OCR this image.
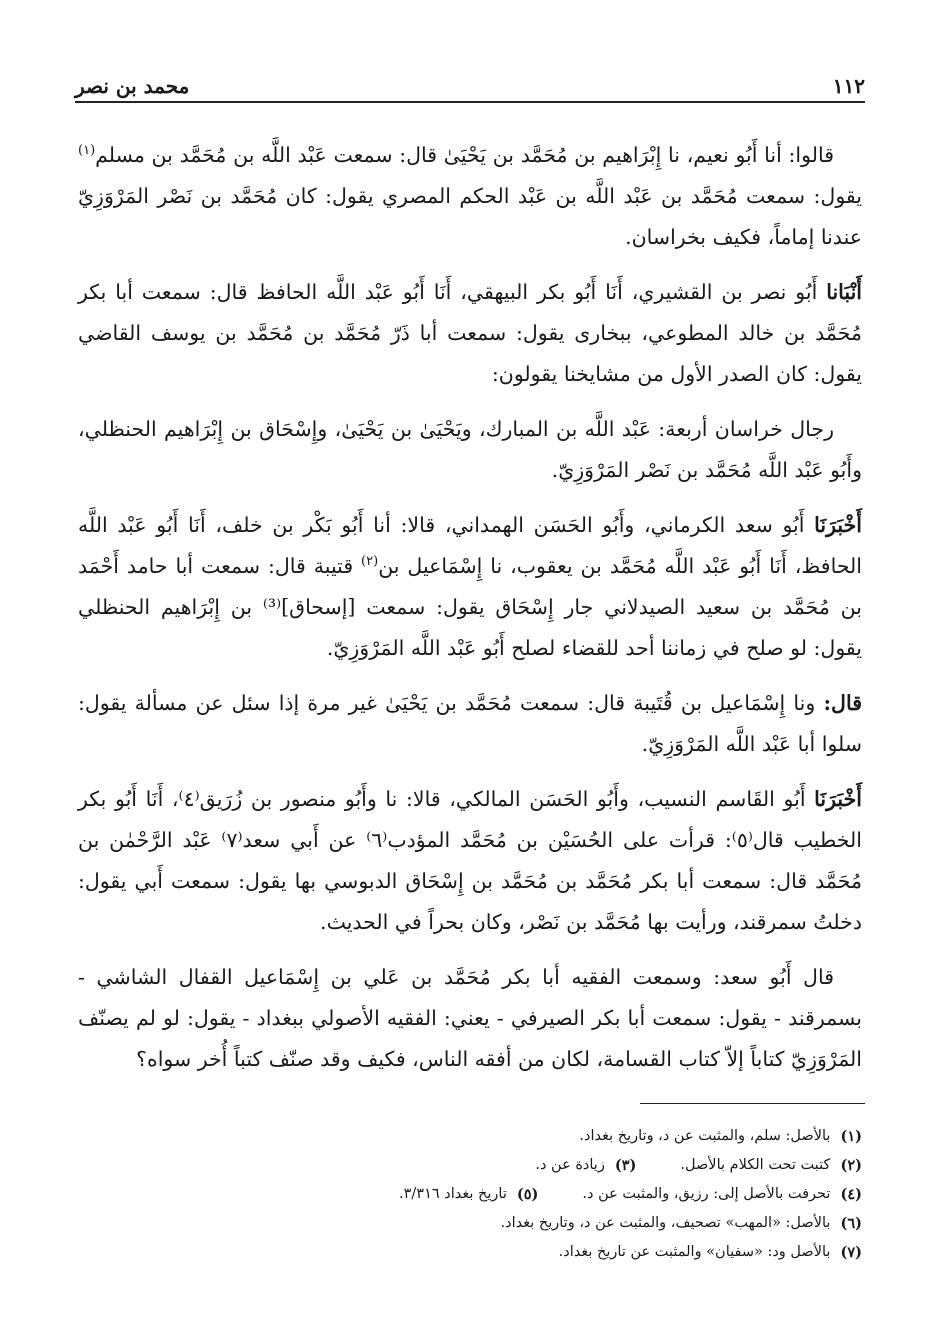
١١٢
محمد بن نصر

قالوا: أنا أَبُو نعيم، نا إِبْرَاهيم بن مُحَمَّد بن يَحْيَىٰ قال: سمعت عَبْد اللَّه بن مُحَمَّد بن مسلم$^{(١)}$ يقول: سمعت مُحَمَّد بن عَبْد اللَّه بن عَبْد الحكم المصري يقول: كان مُحَمَّد بن نَصْر المَرْوَزِيّ عندنا إماماً، فكيف بخراسان.

أَنْبَانا أَبُو نصر بن القشيري، أَنَا أَبُو بكر البيهقي، أَنَا أَبُو عَبْد اللَّه الحافظ قال: سمعت أبا بكر مُحَمَّد بن خالد المطوعي، ببخارى يقول: سمعت أبا ذَرّ مُحَمَّد بن مُحَمَّد بن يوسف القاضي يقول: كان الصدر الأول من مشايخنا يقولون:

رجال خراسان أربعة: عَبْد اللَّه بن المبارك، ويَحْيَىٰ بن يَحْيَىٰ، وإِسْحَاق بن إِبْرَاهيم الحنظلي، وأَبُو عَبْد اللَّه مُحَمَّد بن نَصْر المَرْوَزِيّ.

أَخْبَرَنَا أَبُو سعد الكرماني، وأَبُو الحَسَن الهمداني، قالا: أنا أَبُو بَكْر بن خلف، أَنَا أَبُو عَبْد اللَّه الحافظ، أَنَا أَبُو عَبْد اللَّه مُحَمَّد بن يعقوب، نا إِسْمَاعيل بن$^{(٢)}$ قتيبة قال: سمعت أبا حامد أَحْمَد بن مُحَمَّد بن سعيد الصيدلاني جار إِسْحَاق يقول: سمعت [إسحاق]⁽³⁾ بن إِبْرَاهيم الحنظلي يقول: لو صلح في زماننا أحد للقضاء لصلح أَبُو عَبْد اللَّه المَرْوَزِيّ.

قال: ونا إِسْمَاعيل بن قُتَيبة قال: سمعت مُحَمَّد بن يَحْيَىٰ غير مرة إذا سئل عن مسألة يقول: سلوا أبا عَبْد اللَّه المَرْوَزِيّ.

أَخْبَرَنَا أَبُو القَاسم النسيب، وأَبُو الحَسَن المالكي، قالا: نا وأَبُو منصور بن زُرَيق⁽٤⁾، أَنَا أَبُو بكر الخطيب قال⁽٥⁾: قرأت على الحُسَيْن بن مُحَمَّد المؤدب⁽٦⁾ عن أَبي سعد⁽٧⁾ عَبْد الرَّحْمٰن بن مُحَمَّد قال: سمعت أبا بكر مُحَمَّد بن مُحَمَّد بن إِسْحَاق الدبوسي بها يقول: سمعت أَبي يقول: دخلتُ سمرقند، ورأيت بها مُحَمَّد بن نَصْر، وكان بحراً في الحديث.

قال أَبُو سعد: وسمعت الفقيه أبا بكر مُحَمَّد بن عَلي بن إِسْمَاعيل القفال الشاشي - بسمرقند - يقول: سمعت أبا بكر الصيرفي - يعني: الفقيه الأصولي ببغداد - يقول: لو لم يصنّف المَرْوَزِيّ كتاباً إلاّ كتاب القسامة، لكان من أفقه الناس، فكيف وقد صنّف كتباً أُخر سواه؟

(١)
بالأصل: سلم، والمثبت عن د، وتاريخ بغداد.
(٢)
كتبت تحت الكلام بالأصل.
(٣)
زيادة عن د.
(٤)
تحرفت بالأصل إلى: رزيق، والمثبت عن د.
(٥)
تاريخ بغداد ٣/٣١٦.
(٦)
بالأصل: «المهب» تصحيف، والمثبت عن د، وتاريخ بغداد.
(٧)
بالأصل ود: «سفيان» والمثبت عن تاريخ بغداد.
